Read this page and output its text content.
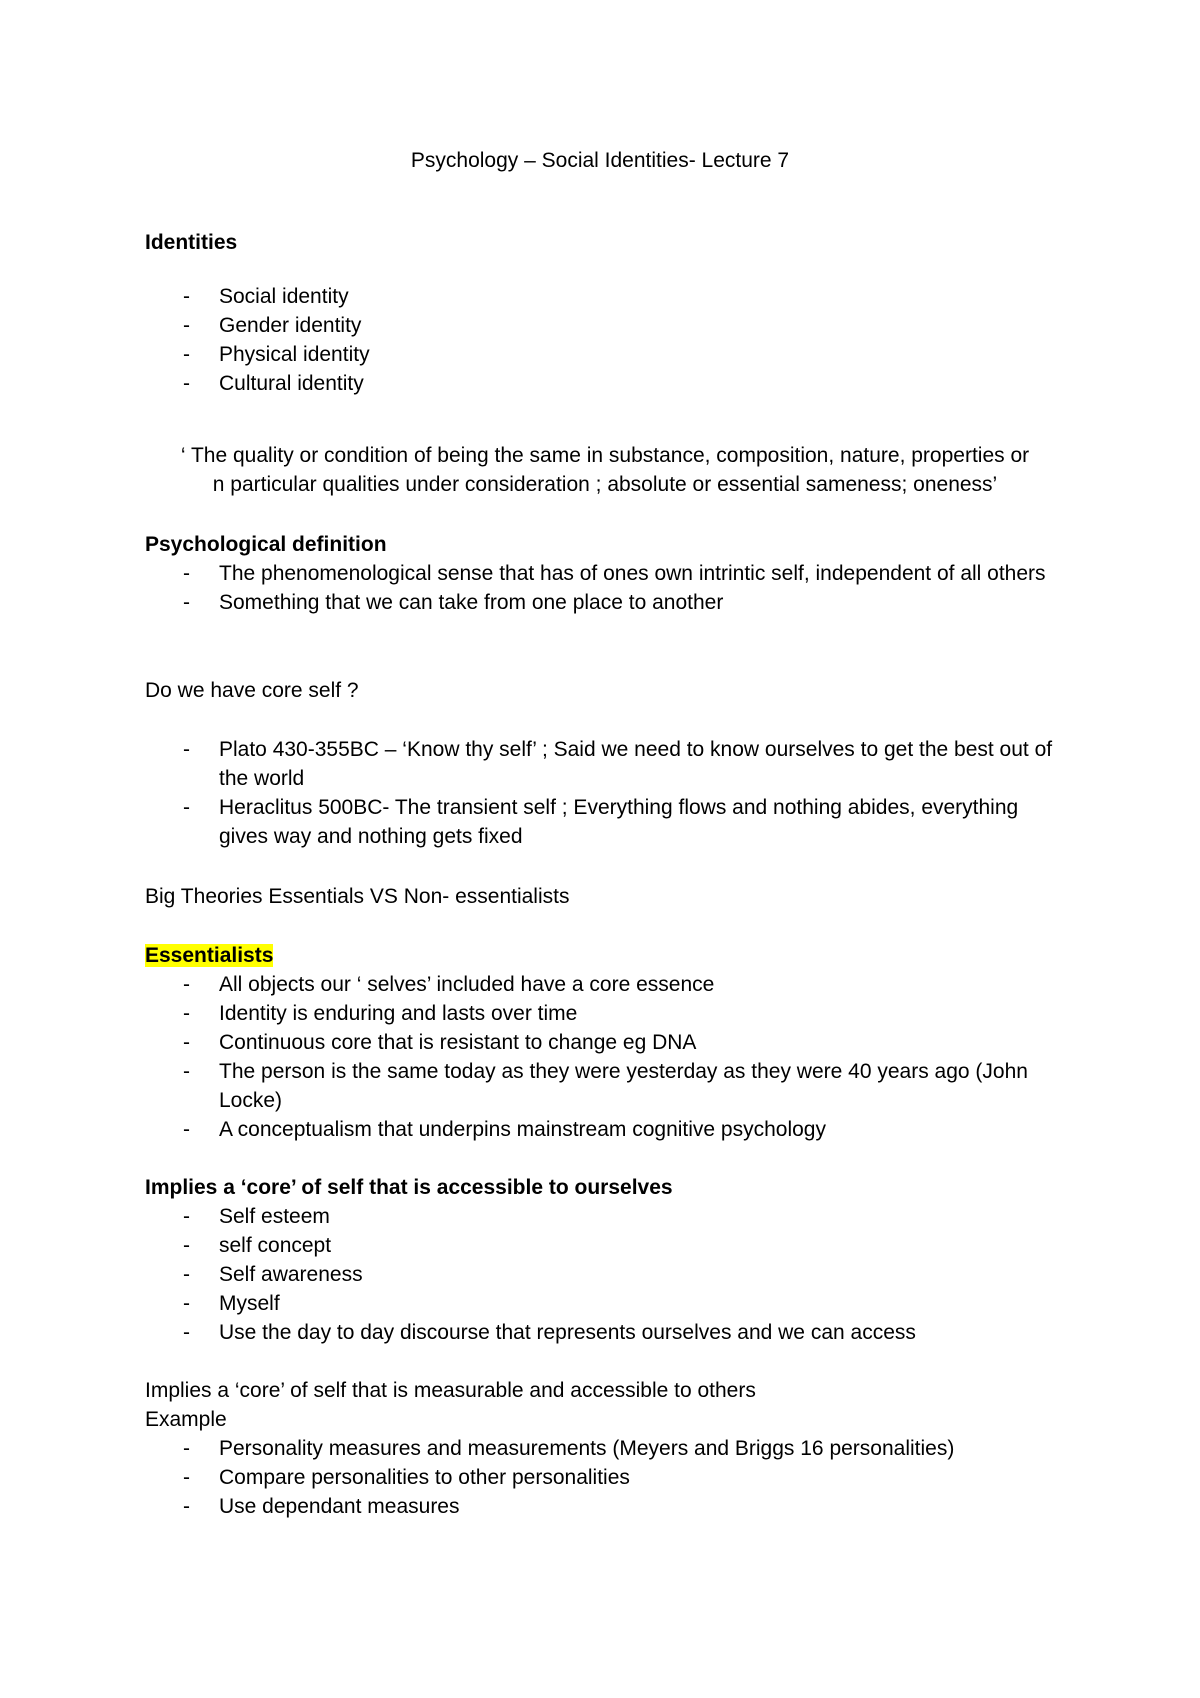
Psychology – Social Identities- Lecture 7
Identities
- Social identity
- Gender identity
- Physical identity
- Cultural identity
‘ The quality or condition of being the same in substance, composition, nature, properties or
n particular qualities under consideration ; absolute or essential sameness; oneness’
Psychological definition
- The phenomenological sense that has of ones own intrintic self, independent of all others
- Something that we can take from one place to another
Do we have core self ?
- Plato 430-355BC – ‘Know thy self’ ; Said we need to know ourselves to get the best out of the world
- Heraclitus 500BC- The transient self ; Everything flows and nothing abides, everything gives way and nothing gets fixed
Big Theories Essentials VS Non- essentialists
Essentialists
- All objects our ‘ selves’ included have a core essence
- Identity is enduring and lasts over time
- Continuous core that is resistant to change eg DNA
- The person is the same today as they were yesterday as they were 40 years ago (John Locke)
- A conceptualism that underpins mainstream cognitive psychology
Implies a ‘core’ of self that is accessible to ourselves
- Self esteem
- self concept
- Self awareness
- Myself
- Use the day to day discourse that represents ourselves and we can access
Implies a ‘core’ of self that is measurable and accessible to others
Example
- Personality measures and measurements (Meyers and Briggs 16 personalities)
- Compare personalities to other personalities
- Use dependant measures
